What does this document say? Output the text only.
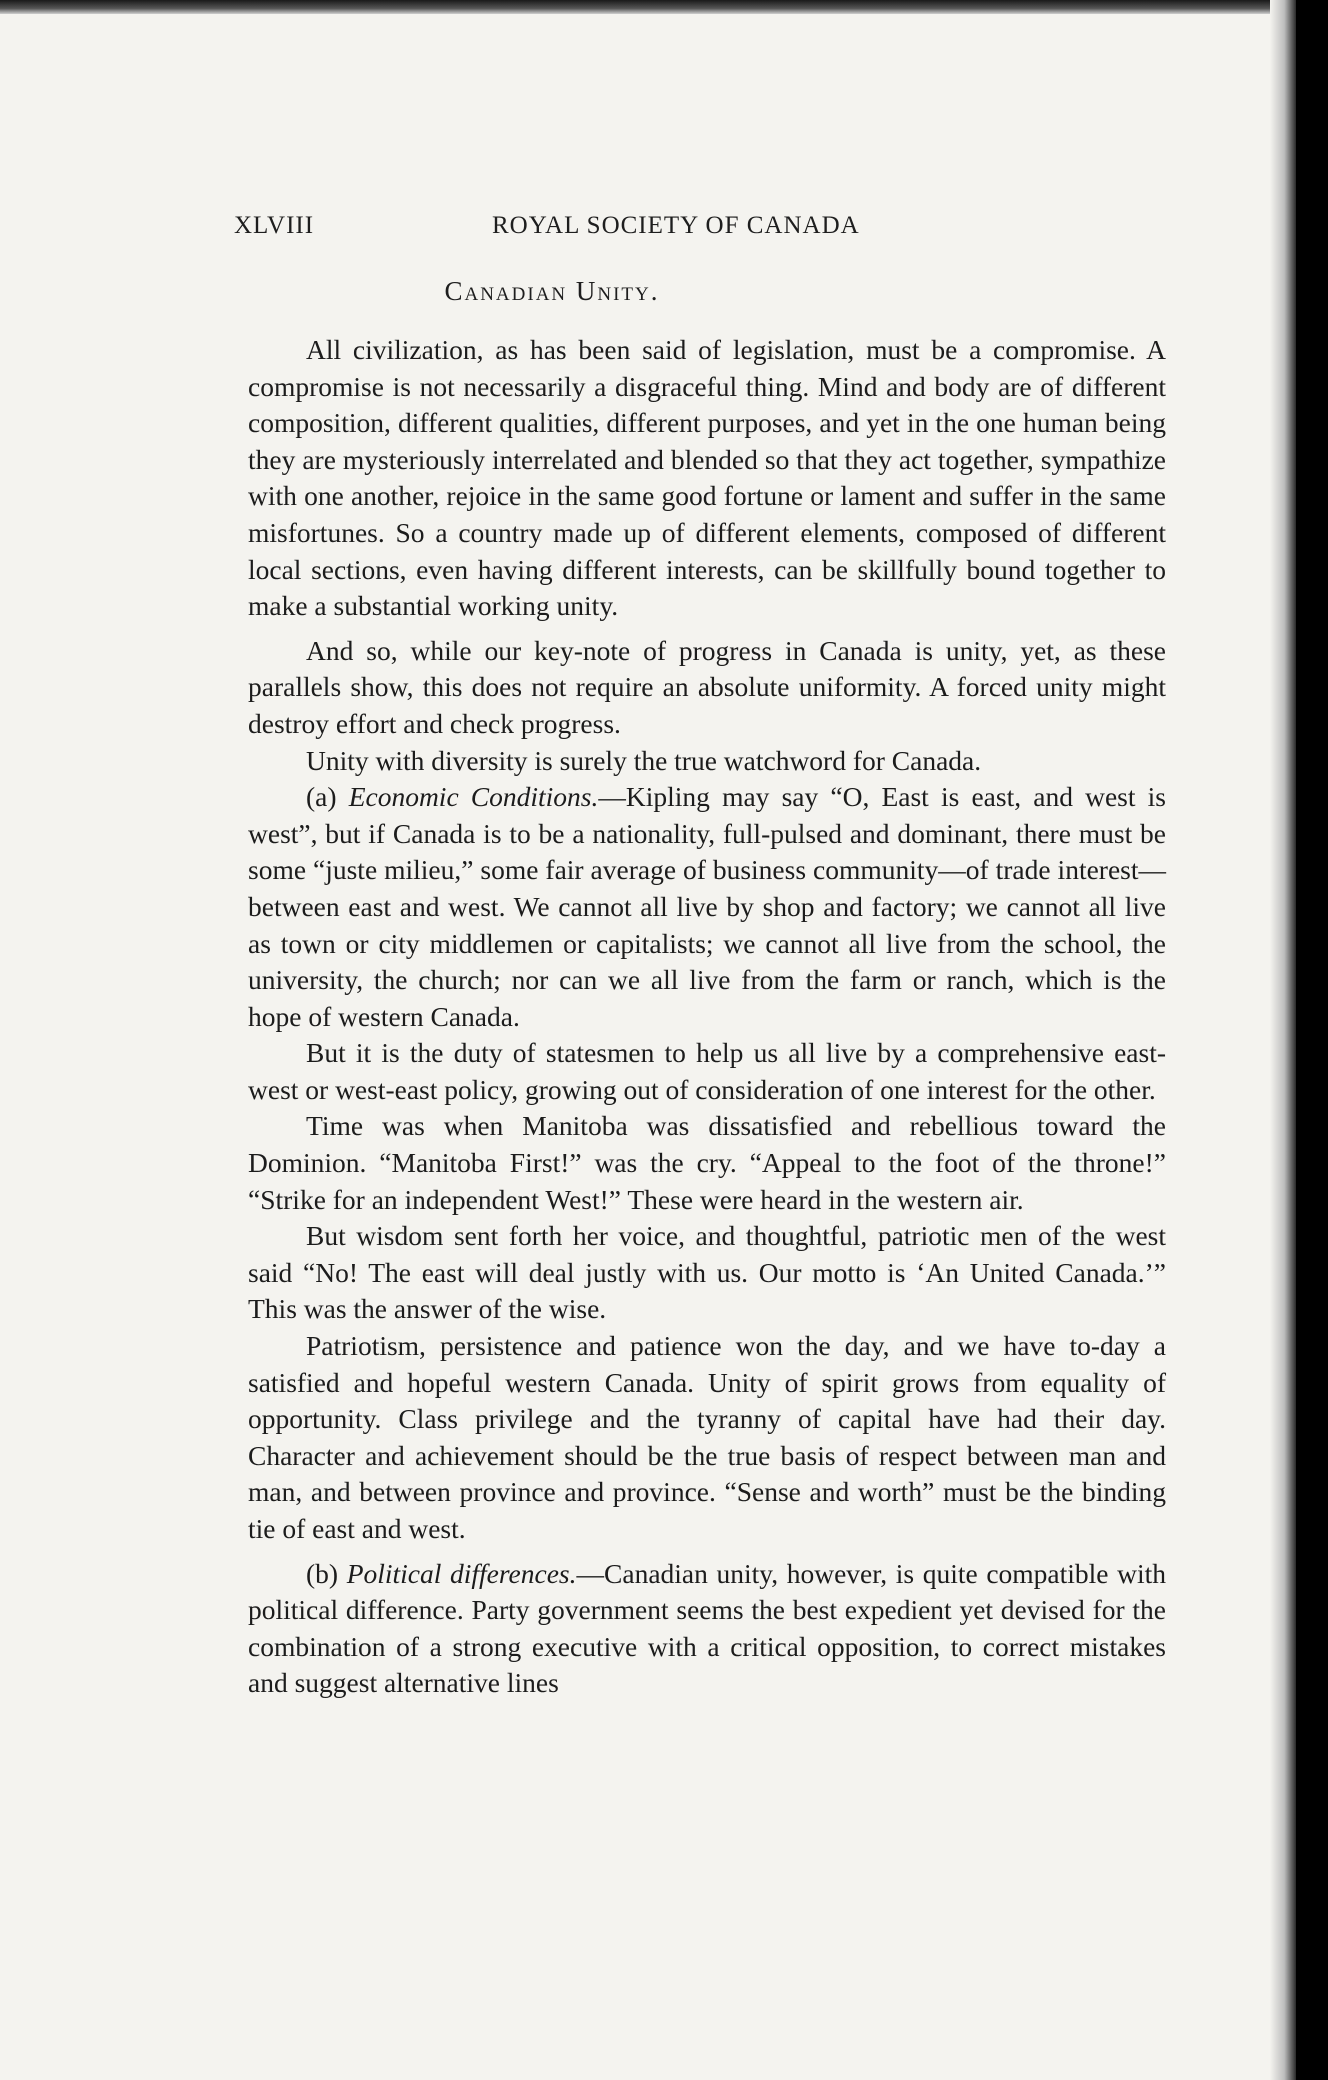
XLVIII	ROYAL SOCIETY OF CANADA
Canadian Unity.

All civilization, as has been said of legislation, must be a compromise. A compromise is not necessarily a disgraceful thing. Mind and body are of different composition, different qualities, different purposes, and yet in the one human being they are mysteriously interrelated and blended so that they act together, sympathize with one another, rejoice in the same good fortune or lament and suffer in the same misfortunes. So a country made up of different elements, composed of different local sections, even having different interests, can be skillfully bound together to make a substantial working unity.

And so, while our key-note of progress in Canada is unity, yet, as these parallels show, this does not require an absolute uniformity. A forced unity might destroy effort and check progress.

Unity with diversity is surely the true watchword for Canada.

(a) Economic Conditions.—Kipling may say “O, East is east, and west is west”, but if Canada is to be a nationality, full-pulsed and dominant, there must be some “juste milieu,” some fair average of business community—of trade interest—between east and west. We cannot all live by shop and factory; we cannot all live as town or city middlemen or capitalists; we cannot all live from the school, the university, the church; nor can we all live from the farm or ranch, which is the hope of western Canada.

But it is the duty of statesmen to help us all live by a comprehensive east-west or west-east policy, growing out of consideration of one interest for the other.

Time was when Manitoba was dissatisfied and rebellious toward the Dominion. “Manitoba First!” was the cry. “Appeal to the foot of the throne!” “Strike for an independent West!” These were heard in the western air.

But wisdom sent forth her voice, and thoughtful, patriotic men of the west said “No! The east will deal justly with us. Our motto is ‘An United Canada.’” This was the answer of the wise.

Patriotism, persistence and patience won the day, and we have to-day a satisfied and hopeful western Canada. Unity of spirit grows from equality of opportunity. Class privilege and the tyranny of capital have had their day. Character and achievement should be the true basis of respect between man and man, and between province and province. “Sense and worth” must be the binding tie of east and west.

(b) Political differences.—Canadian unity, however, is quite compatible with political difference. Party government seems the best expedient yet devised for the combination of a strong executive with a critical opposition, to correct mistakes and suggest alternative lines
